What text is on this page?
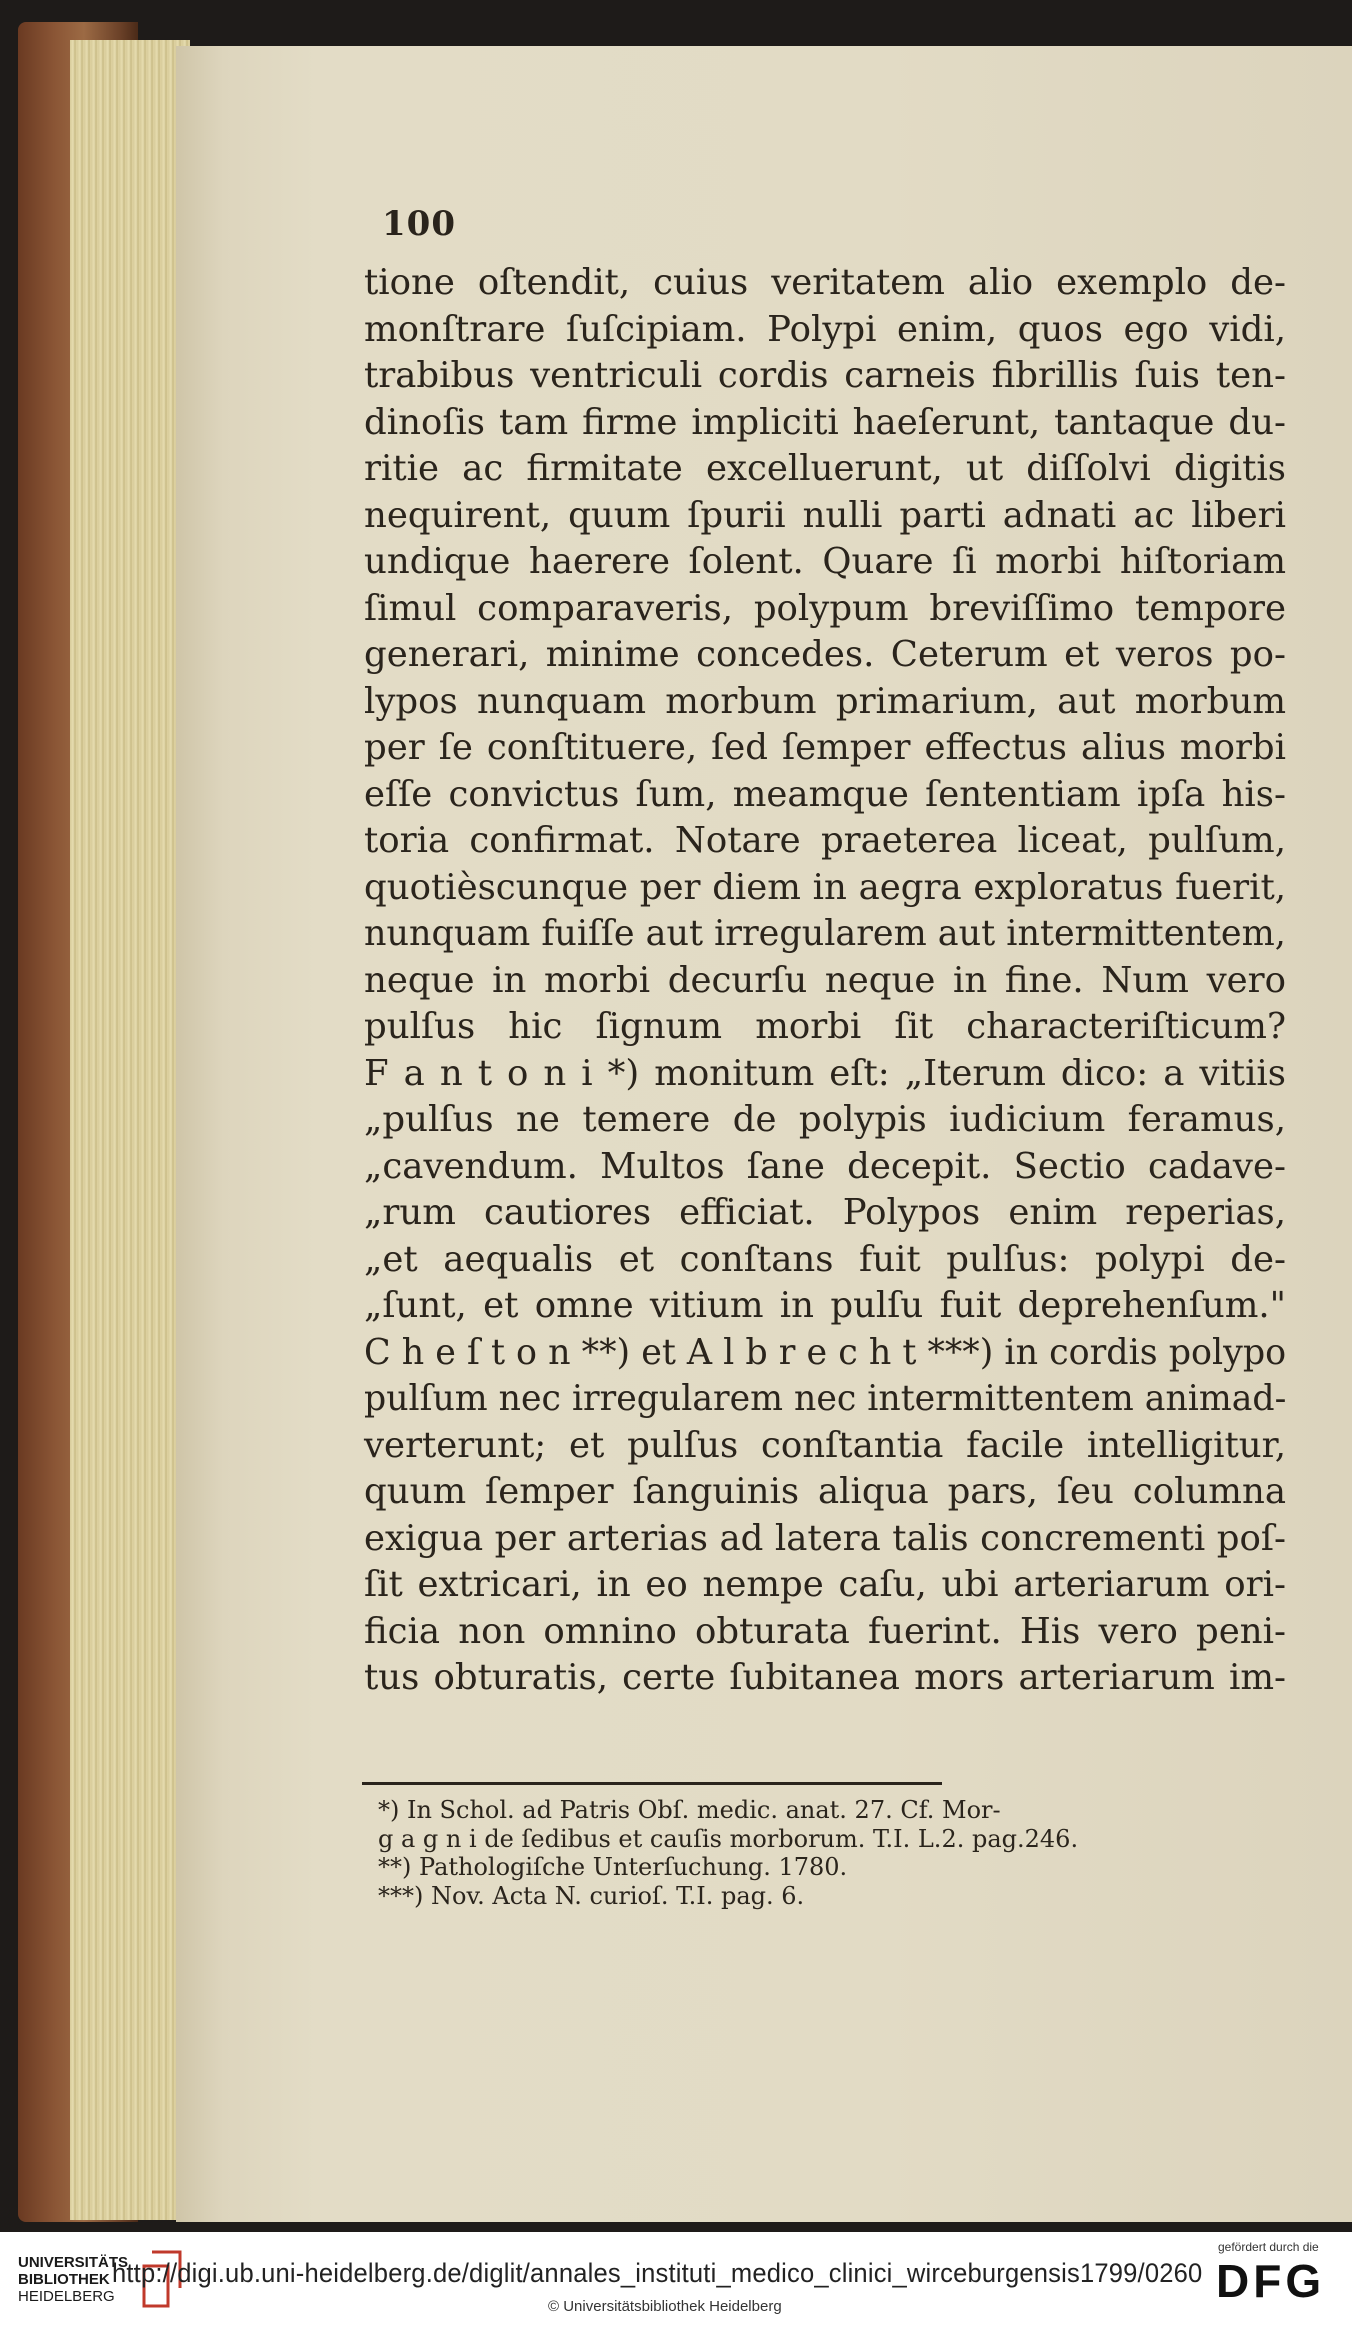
100
tione oſtendit, cuius veritatem alio exemplo de-
monſtrare ſuſcipiam. Polypi enim, quos ego vidi,
trabibus ventriculi cordis carneis fibrillis ſuis ten-
dinoſis tam firme impliciti haeſerunt, tantaque du-
ritie ac firmitate excelluerunt, ut diſſolvi digitis
nequirent, quum ſpurii nulli parti adnati ac liberi
undique haerere ſolent. Quare ſi morbi hiſtoriam
ſimul comparaveris, polypum breviſſimo tempore
generari, minime concedes. Ceterum et veros po-
lypos nunquam morbum primarium, aut morbum
per ſe conſtituere, ſed ſemper effectus alius morbi
eſſe convictus ſum, meamque ſententiam ipſa his-
toria confirmat. Notare praeterea liceat, pulſum,
quotièscunque per diem in aegra exploratus fuerit,
nunquam fuiſſe aut irregularem aut intermittentem,
neque in morbi decurſu neque in fine. Num vero
pulſus hic ſignum morbi ſit characteriſticum?
F a n t o n i *) monitum eſt: „Iterum dico: a vitiis
„pulſus ne temere de polypis iudicium feramus,
„cavendum. Multos ſane decepit. Sectio cadave-
„rum cautiores efficiat. Polypos enim reperias,
„et aequalis et conſtans fuit pulſus: polypi de-
„ſunt, et omne vitium in pulſu fuit deprehenſum."
C h e ſ t o n **) et A l b r e c h t ***) in cordis polypo
pulſum nec irregularem nec intermittentem animad-
verterunt; et pulſus conſtantia facile intelligitur,
quum ſemper ſanguinis aliqua pars, ſeu columna
exigua per arterias ad latera talis concrementi poſ-
ſit extricari, in eo nempe caſu, ubi arteriarum ori-
ficia non omnino obturata fuerint. His vero peni-
tus obturatis, certe ſubitanea mors arteriarum im-
*) In Schol. ad Patris Obſ. medic. anat. 27. Cf. Mor-
g a g n i de ſedibus et cauſis morborum. T.I. L.2. pag.246.
**) Pathologiſche Unterſuchung. 1780.
***) Nov. Acta N. curioſ. T.I. pag. 6.
UNIVERSITÄTS
BIBLIOTHEK
HEIDELBERG
http://digi.ub.uni-heidelberg.de/diglit/annales_instituti_medico_clinici_wirceburgensis1799/0260
© Universitätsbibliothek Heidelberg
gefördert durch die
DFG
